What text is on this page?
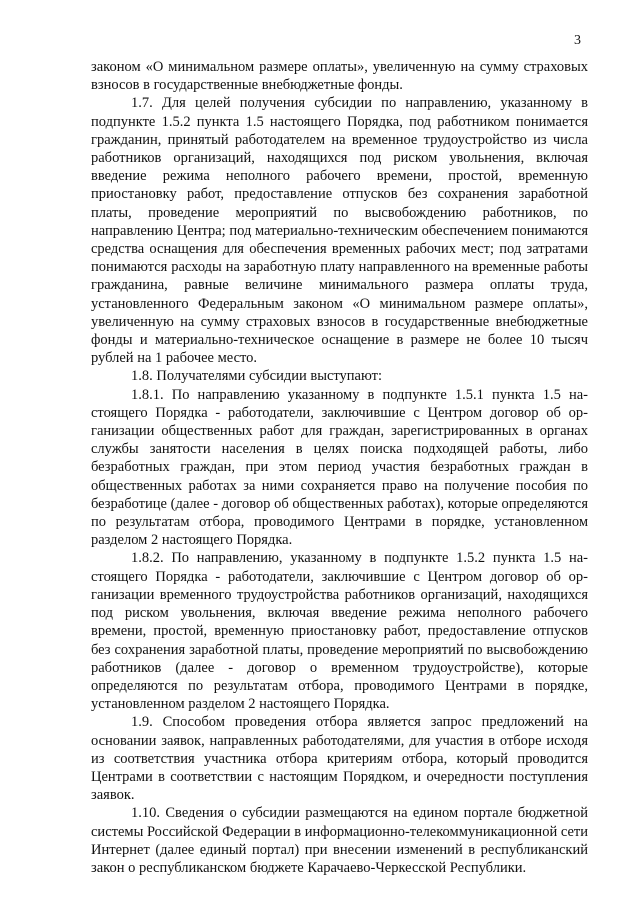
3

законом «О минимальном размере оплаты», увеличенную на сумму страховых взносов в государственные внебюджетные фонды.

1.7. Для целей получения субсидии по направлению, указанному в подпункте 1.5.2 пункта 1.5 настоящего Порядка, под работником понимается гражданин, принятый работодателем на временное трудоустройство из числа работников организаций, находящихся под риском увольнения, включая введение режима неполного рабочего времени, простой, временную приостановку работ, предоставление отпусков без сохранения заработной платы, проведение мероприятий по высвобождению работников, по направлению Центра; под материально-техническим обеспечением понимаются средства оснащения для обеспечения временных рабочих мест; под затратами понимаются расходы на заработную плату направленного на временные работы гражданина, равные величине минимального размера оплаты труда, установленного Федеральным законом «О минимальном размере оплаты», увеличенную на сумму страховых взносов в государственные внебюджетные фонды и материально-техническое оснащение в размере не более 10 тысяч рублей на 1 рабочее место.

1.8. Получателями субсидии выступают:

1.8.1. По направлению указанному в подпункте 1.5.1 пункта 1.5 настоящего Порядка - работодатели, заключившие с Центром договор об организации общественных работ для граждан, зарегистрированных в органах службы занятости населения в целях поиска подходящей работы, либо безработных граждан, при этом период участия безработных граждан в общественных работах за ними сохраняется право на получение пособия по безработице (далее - договор об общественных работах), которые определяются по результатам отбора, проводимого Центрами в порядке, установленном разделом 2 настоящего Порядка.

1.8.2. По направлению, указанному в подпункте 1.5.2 пункта 1.5 настоящего Порядка - работодатели, заключившие с Центром договор об организации временного трудоустройства работников организаций, находящихся под риском увольнения, включая введение режима неполного рабочего времени, простой, временную приостановку работ, предоставление отпусков без сохранения заработной платы, проведение мероприятий по высвобождению работников (далее - договор о временном трудоустройстве), которые определяются по результатам отбора, проводимого Центрами в порядке, установленном разделом 2 настоящего Порядка.

1.9. Способом проведения отбора является запрос предложений на основании заявок, направленных работодателями, для участия в отборе исходя из соответствия участника отбора критериям отбора, который проводится Центрами в соответствии с настоящим Порядком, и очередности поступления заявок.

1.10. Сведения о субсидии размещаются на едином портале бюджетной системы Российской Федерации в информационно-телекоммуникационной сети Интернет (далее единый портал) при внесении изменений в республиканский закон о республиканском бюджете Карачаево-Черкесской Республики.
